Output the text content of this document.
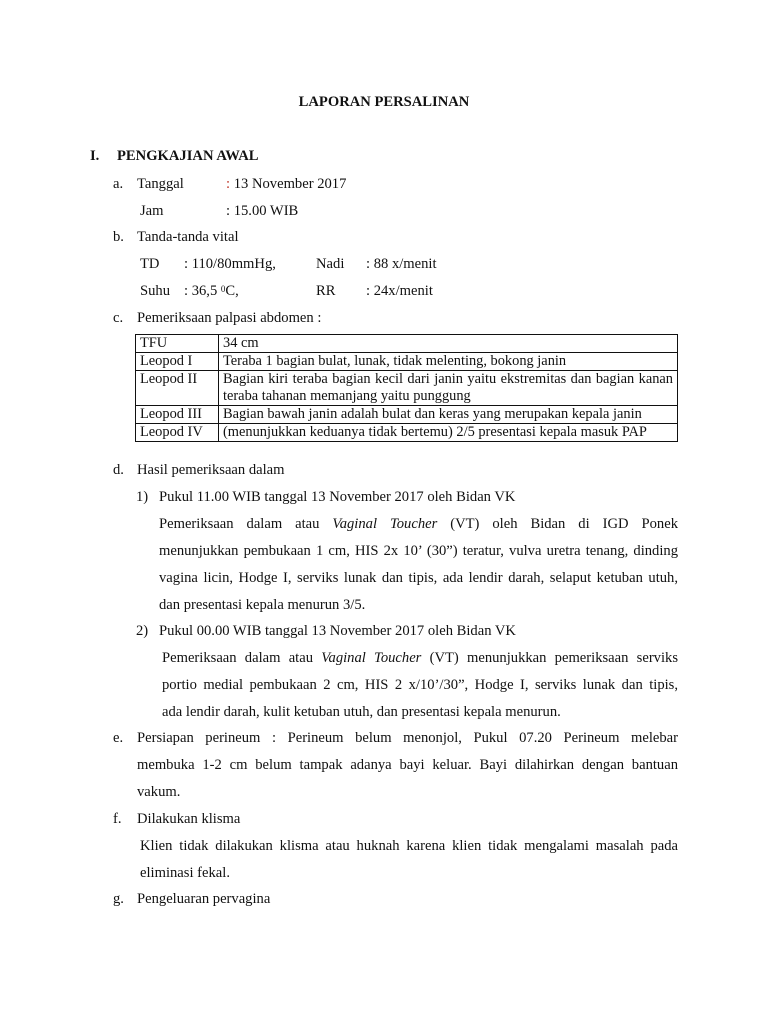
LAPORAN PERSALINAN
I. PENGKAJIAN AWAL
a. Tanggal	: 13 November 2017
Jam	: 15.00 WIB
b. Tanda-tanda vital
TD : 110/80mmHg,	Nadi : 88 x/menit
Suhu : 36,5 $^0$C,	RR : 24x/menit
c. Pemeriksaan palpasi abdomen :
TFU	34 cm
Leopod I	Teraba 1 bagian bulat, lunak, tidak melenting, bokong janin
Leopod II	Bagian kiri teraba bagian kecil dari janin yaitu ekstremitas dan bagian kanan teraba tahanan memanjang yaitu punggung
Leopod III	Bagian bawah janin adalah bulat dan keras yang merupakan kepala janin
Leopod IV	(menunjukkan keduanya tidak bertemu) 2/5 presentasi kepala masuk PAP
d. Hasil pemeriksaan dalam
1) Pukul 11.00 WIB tanggal 13 November 2017 oleh Bidan VK
Pemeriksaan dalam atau Vaginal Toucher (VT) oleh Bidan di IGD Ponek
menunjukkan pembukaan 1 cm, HIS 2x 10’ (30”) teratur, vulva uretra tenang, dinding
vagina licin, Hodge I, serviks lunak dan tipis, ada lendir darah, selaput ketuban utuh,
dan presentasi kepala menurun 3/5.
2) Pukul 00.00 WIB tanggal 13 November 2017 oleh Bidan VK
Pemeriksaan dalam atau Vaginal Toucher (VT) menunjukkan pemeriksaan serviks
portio medial pembukaan 2 cm, HIS 2 x/10’/30”, Hodge I, serviks lunak dan tipis,
ada lendir darah, kulit ketuban utuh, dan presentasi kepala menurun.
e. Persiapan perineum : Perineum belum menonjol, Pukul 07.20 Perineum melebar
membuka 1-2 cm belum tampak adanya bayi keluar. Bayi dilahirkan dengan bantuan
vakum.
f. Dilakukan klisma
Klien tidak dilakukan klisma atau huknah karena klien tidak mengalami masalah pada
eliminasi fekal.
g. Pengeluaran pervagina
